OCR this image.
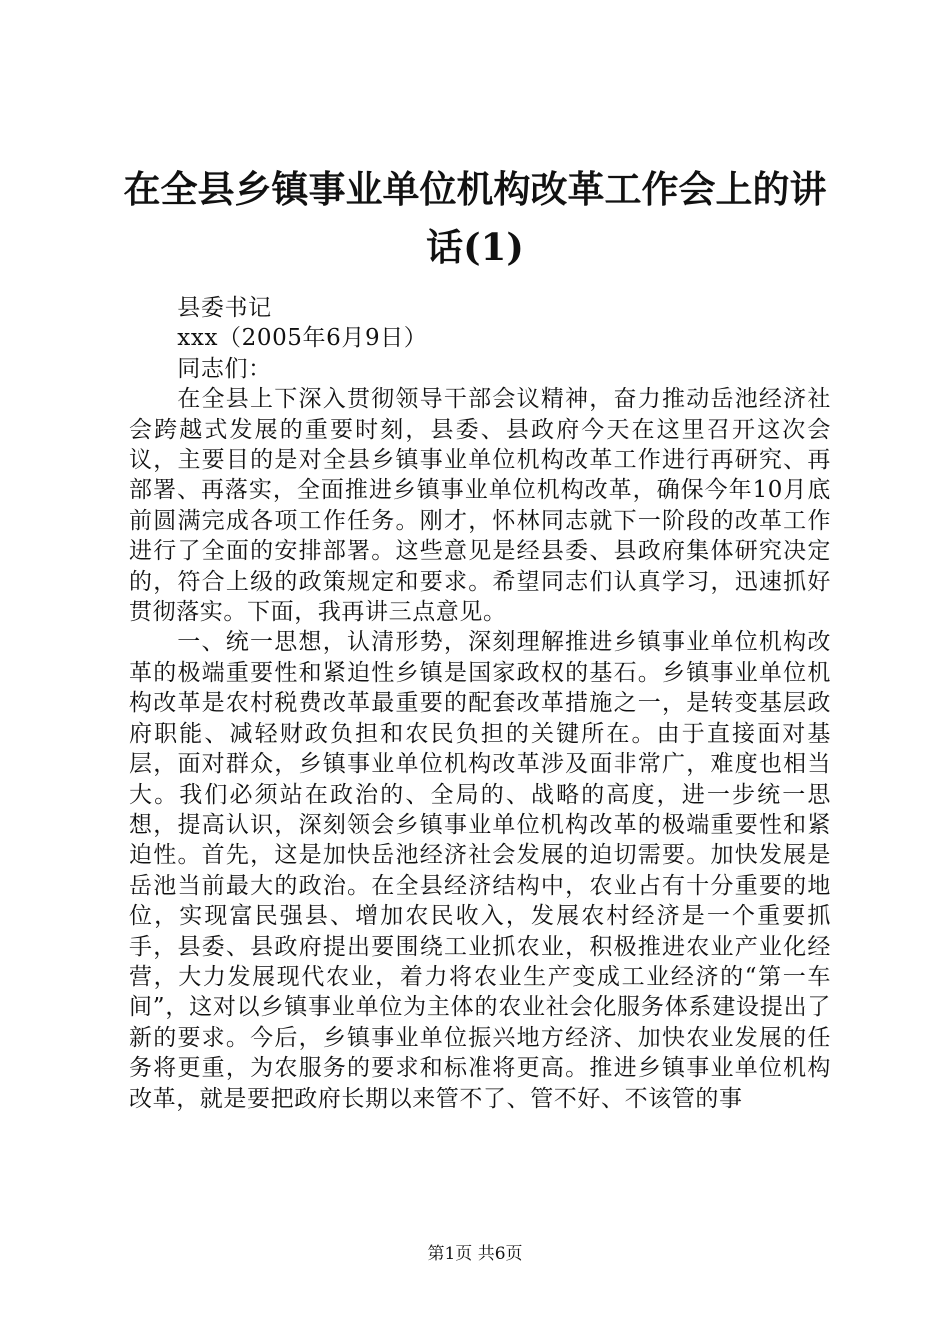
在全县乡镇事业单位机构改革工作会上的讲话(1)

县委书记

xxx（2005年6月9日）

同志们：

在全县上下深入贯彻领导干部会议精神，奋力推动岳池经济社会跨越式发展的重要时刻，县委、县政府今天在这里召开这次会议，主要目的是对全县乡镇事业单位机构改革工作进行再研究、再部署、再落实，全面推进乡镇事业单位机构改革，确保今年10月底前圆满完成各项工作任务。刚才，怀林同志就下一阶段的改革工作进行了全面的安排部署。这些意见是经县委、县政府集体研究决定的，符合上级的政策规定和要求。希望同志们认真学习，迅速抓好贯彻落实。下面，我再讲三点意见。

一、统一思想，认清形势，深刻理解推进乡镇事业单位机构改革的极端重要性和紧迫性乡镇是国家政权的基石。乡镇事业单位机构改革是农村税费改革最重要的配套改革措施之一，是转变基层政府职能、减轻财政负担和农民负担的关键所在。由于直接面对基层，面对群众，乡镇事业单位机构改革涉及面非常广，难度也相当大。我们必须站在政治的、全局的、战略的高度，进一步统一思想，提高认识，深刻领会乡镇事业单位机构改革的极端重要性和紧迫性。首先，这是加快岳池经济社会发展的迫切需要。加快发展是岳池当前最大的政治。在全县经济结构中，农业占有十分重要的地位，实现富民强县、增加农民收入，发展农村经济是一个重要抓手，县委、县政府提出要围绕工业抓农业，积极推进农业产业化经营，大力发展现代农业，着力将农业生产变成工业经济的“第一车间”，这对以乡镇事业单位为主体的农业社会化服务体系建设提出了新的要求。今后，乡镇事业单位振兴地方经济、加快农业发展的任务将更重，为农服务的要求和标准将更高。推进乡镇事业单位机构改革，就是要把政府长期以来管不了、管不好、不该管的事

第1页 共6页
